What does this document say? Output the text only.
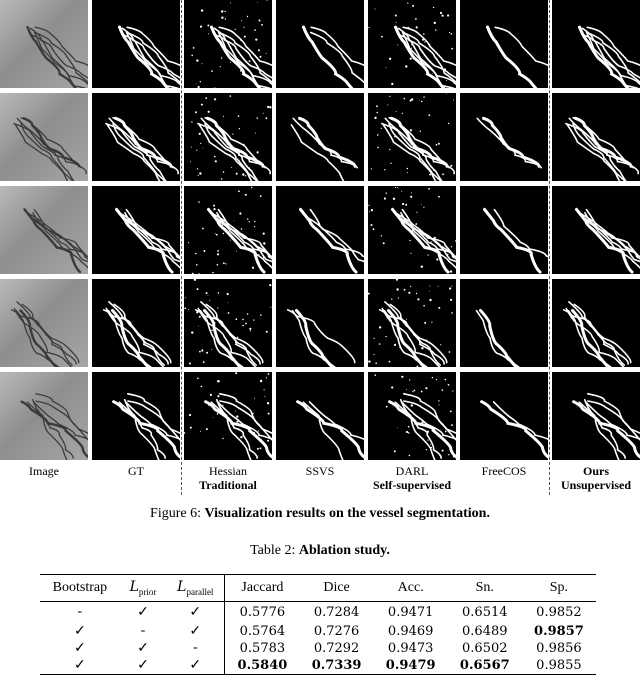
Image	GT	Hessian
Traditional
SSVS	DARL
Self-supervised
FreeCOS	Ours
Unsupervised
Figure 6: Visualization results on the vessel segmentation.
Table 2: Ablation study.
Bootstrap	$L_{prior}$	$L_{parallel}$	Jaccard	Dice	Acc.	Sn.	Sp.
-	✓	✓	0.5776	0.7284	0.9471	0.6514	0.9852
✓	-	✓	0.5764	0.7276	0.9469	0.6489	0.9857
✓	✓	-	0.5783	0.7292	0.9473	0.6502	0.9856
✓	✓	✓	0.5840	0.7339	0.9479	0.6567	0.9855
